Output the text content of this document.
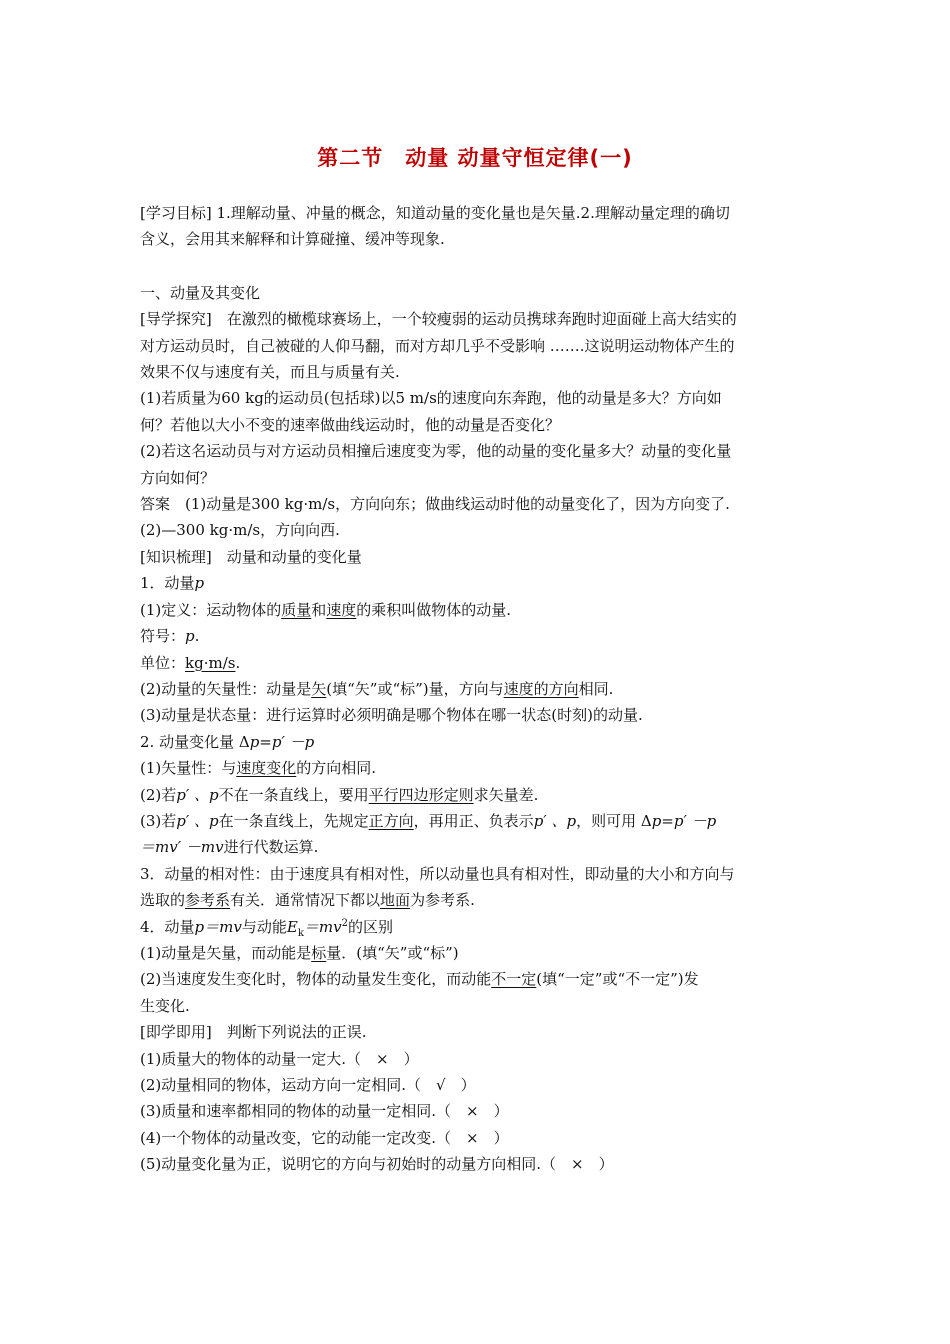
第二节　动量 动量守恒定律(一)

[学习目标] 1.理解动量、冲量的概念，知道动量的变化量也是矢量.2.理解动量定理的确切

含义，会用其来解释和计算碰撞、缓冲等现象.

一、动量及其变化

[导学探究]　在激烈的橄榄球赛场上，一个较瘦弱的运动员携球奔跑时迎面碰上高大结实的

对方运动员时，自己被碰的人仰马翻，而对方却几乎不受影响 …….这说明运动物体产生的

效果不仅与速度有关，而且与质量有关.

(1)若质量为60 kg的运动员(包括球)以5 m/s的速度向东奔跑，他的动量是多大？方向如

何？若他以大小不变的速率做曲线运动时，他的动量是否变化？

(2)若这名运动员与对方运动员相撞后速度变为零，他的动量的变化量多大？动量的变化量

方向如何？

答案　(1)动量是300 kg·m/s，方向向东；做曲线运动时他的动量变化了，因为方向变了.

(2)—300 kg·m/s，方向向西.

[知识梳理]　动量和动量的变化量

1．动量p

(1)定义：运动物体的质量和速度的乘积叫做物体的动量.

符号：p.

单位：kg·m/s.

(2)动量的矢量性：动量是矢(填“矢”或“标”)量，方向与速度的方向相同.

(3)动量是状态量：进行运算时必须明确是哪个物体在哪一状态(时刻)的动量.

2. 动量变化量 Δp=p′ －p

(1)矢量性：与速度变化的方向相同.

(2)若p′ 、p不在一条直线上，要用平行四边形定则求矢量差.

(3)若p′ 、p在一条直线上，先规定正方向，再用正、负表示p′ 、p，则可用 Δp=p′ －p

＝mv′ －mv进行代数运算.

3．动量的相对性：由于速度具有相对性，所以动量也具有相对性，即动量的大小和方向与

选取的参考系有关．通常情况下都以地面为参考系.

4．动量p＝mv与动能$E_k=mv^2$的区别

(1)动量是矢量，而动能是标量．(填“矢”或“标”)

(2)当速度发生变化时，物体的动量发生变化，而动能不一定(填“一定”或“不一定”)发

生变化.

[即学即用]　判断下列说法的正误.

(1)质量大的物体的动量一定大.（　×　）

(2)动量相同的物体，运动方向一定相同.（　√　）

(3)质量和速率都相同的物体的动量一定相同.（　×　）

(4)一个物体的动量改变，它的动能一定改变.（　×　）

(5)动量变化量为正，说明它的方向与初始时的动量方向相同.（　×　）
